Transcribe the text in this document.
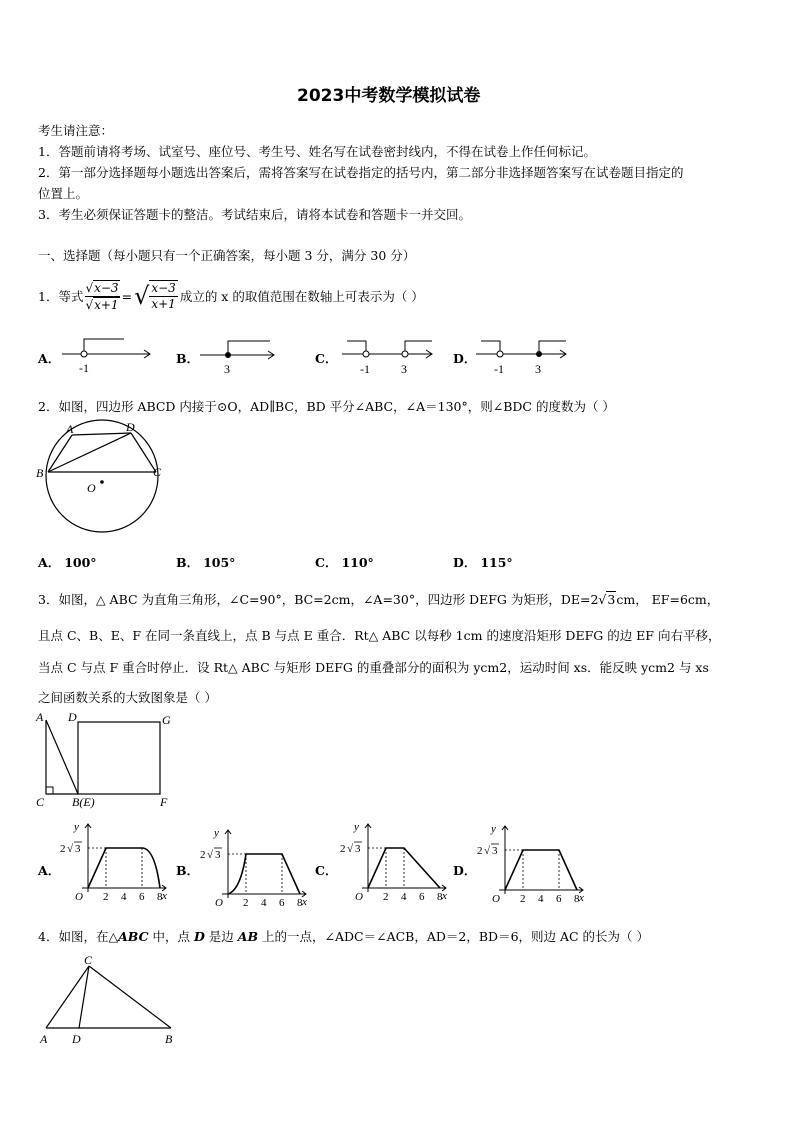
2023中考数学模拟试卷
考生请注意：
1．答题前请将考场、试室号、座位号、考生号、姓名写在试卷密封线内，不得在试卷上作任何标记。
2．第一部分选择题每小题选出答案后，需将答案写在试卷指定的括号内，第二部分非选择题答案写在试卷题目指定的
位置上。
3．考生必须保证答题卡的整洁。考试结束后，请将本试卷和答题卡一并交回。
一、选择题（每小题只有一个正确答案，每小题 3 分，满分 30 分）
1．等式 $\frac{√x-3}{√x+1}$ = √ $\frac{x-3}{x+1}$ 成立的 x 的取值范围在数轴上可表示为（ ）
A．
-1
B．
3
C．
-1	3
D．
-1	3
2．如图，四边形 ABCD 内接于⊙O，AD∥BC，BD 平分∠ABC，∠A＝130°，则∠BDC 的度数为（ ）
A	D
B	C
O
A． 100°	B． 105°	C． 110°	D． 115°
3．如图，△ ABC 为直角三角形，∠C=90°，BC=2cm，∠A=30°，四边形 DEFG 为矩形，DE=2√3cm， EF=6cm，
且点 C、B、E、F 在同一条直线上，点 B 与点 E 重合．Rt△ ABC 以每秒 1cm 的速度沿矩形 DEFG 的边 EF 向右平移，
当点 C 与点 F 重合时停止．设 Rt△ ABC 与矩形 DEFG 的重叠部分的面积为 ycm2，运动时间 xs．能反映 ycm2 与 xs
之间函数关系的大致图象是（ ）
A D	G
C B(E)	F
A．	B．	C．	D．
y
x
O
2 √ 3
2 4 6 8
y
x
O
2 √ 3
2 4 6 8
y
x
O
2 √ 3
2 4 6 8
y
x
O
2 √ 3
2 4 6 8
4．如图，在△ABC 中，点 D 是边 AB 上的一点，∠ADC＝∠ACB，AD＝2，BD＝6，则边 AC 的长为（ ）
C
A D	B
